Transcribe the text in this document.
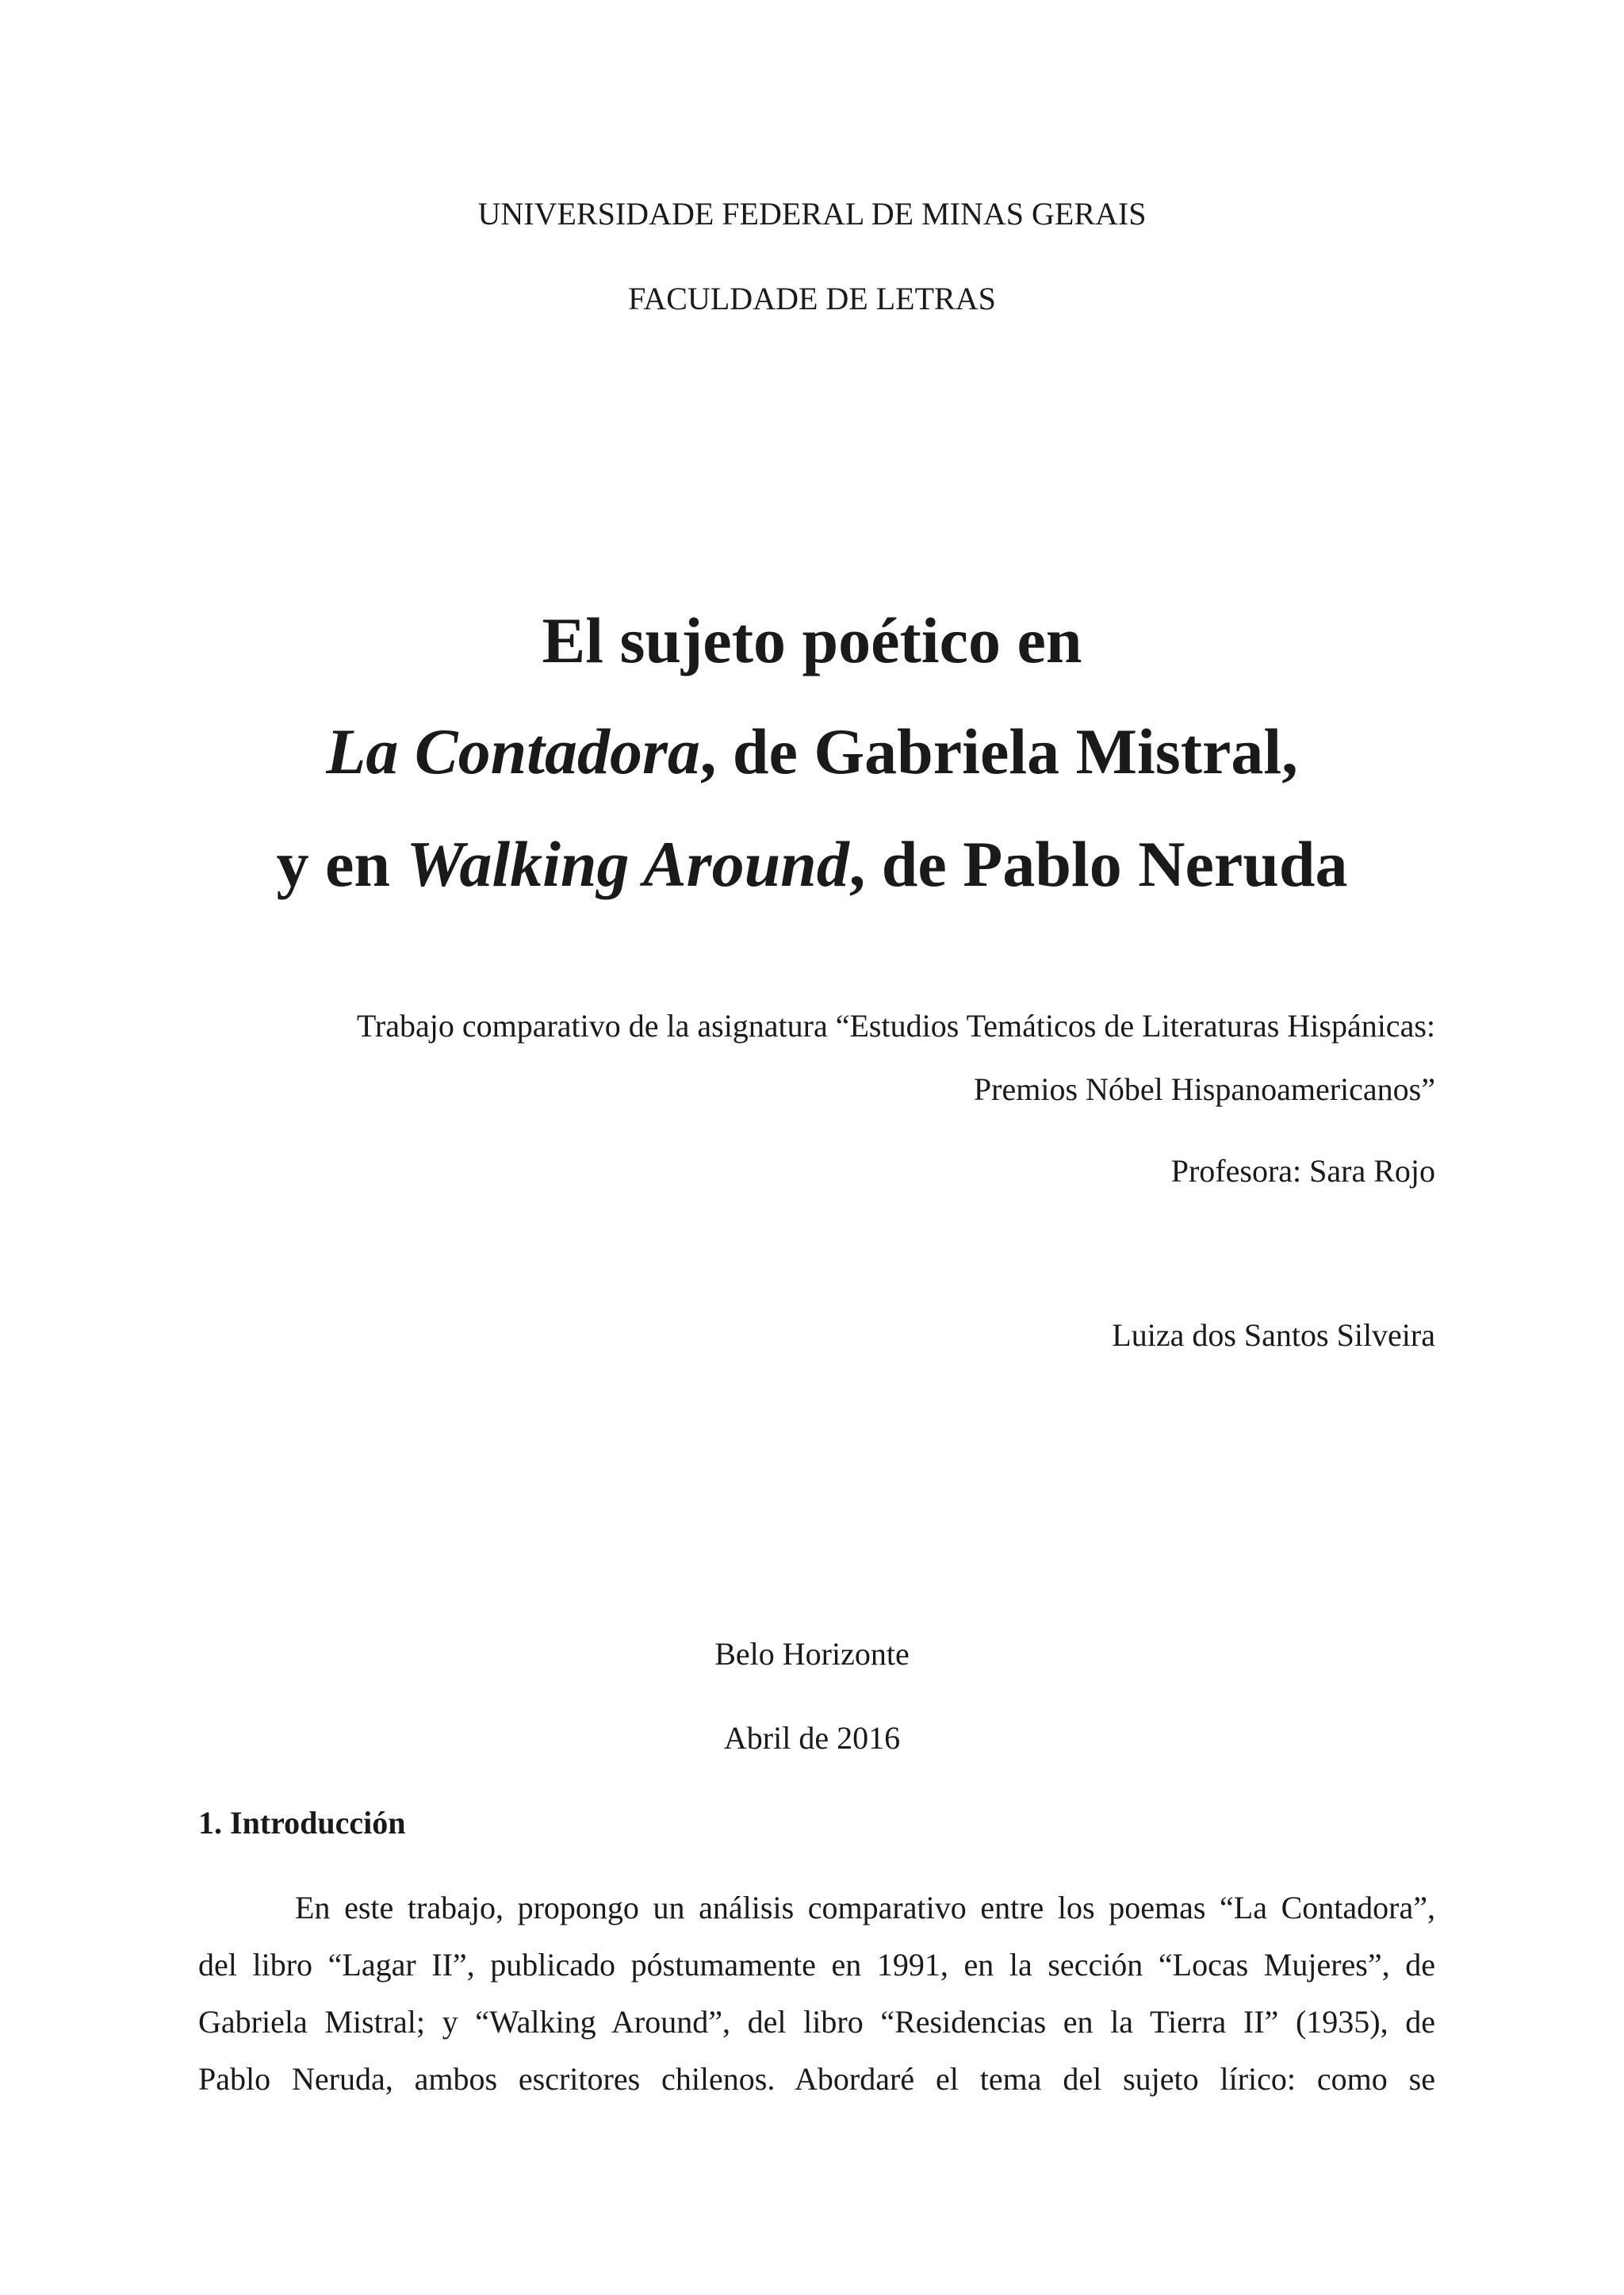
UNIVERSIDADE FEDERAL DE MINAS GERAIS
FACULDADE DE LETRAS
El sujeto poético en
La Contadora, de Gabriela Mistral,
y en Walking Around, de Pablo Neruda
Trabajo comparativo de la asignatura “Estudios Temáticos de Literaturas Hispánicas:
Premios Nóbel Hispanoamericanos”
Profesora: Sara Rojo
Luiza dos Santos Silveira
Belo Horizonte
Abril de 2016
1. Introducción
En este trabajo, propongo un análisis comparativo entre los poemas “La Contadora”,
del libro “Lagar II”, publicado póstumamente en 1991, en la sección “Locas Mujeres”, de
Gabriela Mistral; y “Walking Around”, del libro “Residencias en la Tierra II” (1935), de
Pablo Neruda, ambos escritores chilenos. Abordaré el tema del sujeto lírico: como se
